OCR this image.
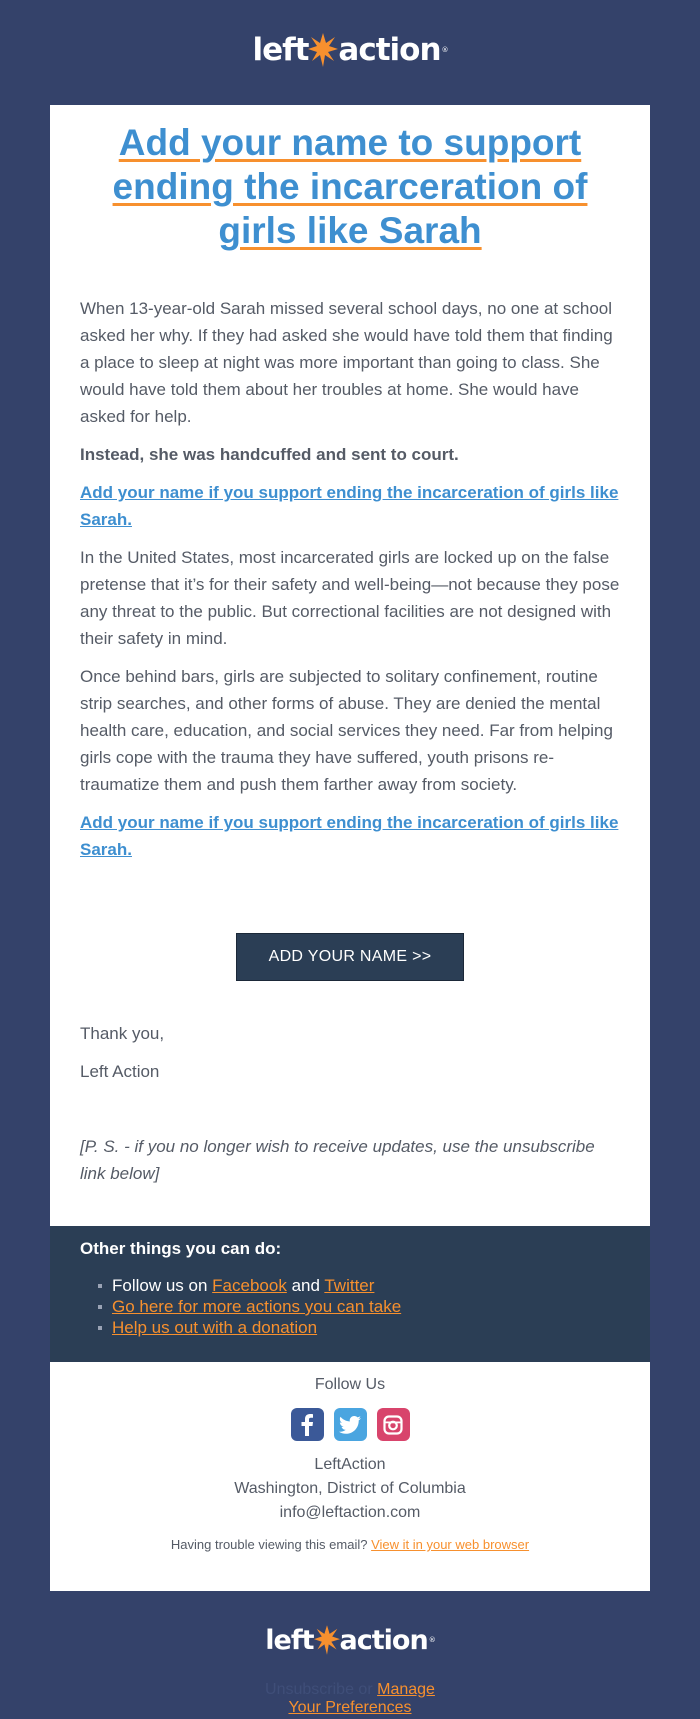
left action ®
Add your name to support ending the incarceration of girls like Sarah

When 13-year-old Sarah missed several school days, no one at school asked her why. If they had asked she would have told them that finding a place to sleep at night was more important than going to class. She would have told them about her troubles at home. She would have asked for help.

Instead, she was handcuffed and sent to court.

Add your name if you support ending the incarceration of girls like Sarah.

In the United States, most incarcerated girls are locked up on the false pretense that it’s for their safety and well-being—not because they pose any threat to the public. But correctional facilities are not designed with their safety in mind.

Once behind bars, girls are subjected to solitary confinement, routine strip searches, and other forms of abuse. They are denied the mental health care, education, and social services they need. Far from helping girls cope with the trauma they have suffered, youth prisons re-traumatize them and push them farther away from society.

Add your name if you support ending the incarceration of girls like Sarah.

ADD YOUR NAME >>

Thank you,

Left Action

[P. S. - if you no longer wish to receive updates, use the unsubscribe link below]

Other things you can do:
Follow us on Facebook and Twitter
Go here for more actions you can take
Help us out with a donation
Follow Us
LeftAction
Washington, District of Columbia
info@leftaction.com
Having trouble viewing this email? View it in your web browser
left action ®
Unsubscribe or Manage
Your Preferences
